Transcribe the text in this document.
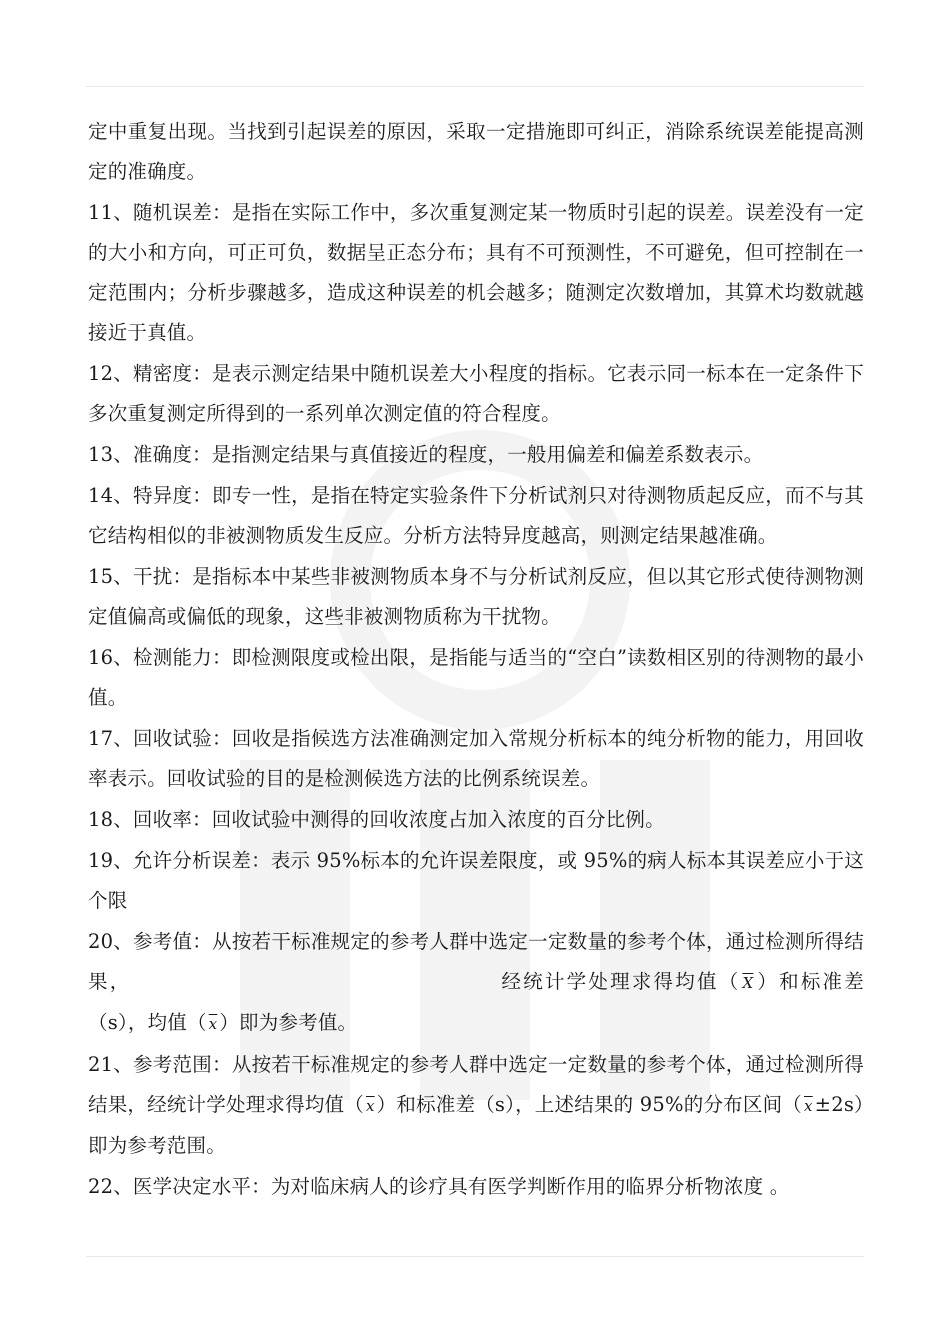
定中重复出现。当找到引起误差的原因，采取一定措施即可纠正，消除系统误差能提高测定的准确度。

11、随机误差：是指在实际工作中，多次重复测定某一物质时引起的误差。误差没有一定的大小和方向，可正可负，数据呈正态分布；具有不可预测性，不可避免，但可控制在一定范围内；分析步骤越多，造成这种误差的机会越多；随测定次数增加，其算术均数就越接近于真值。

12、精密度：是表示测定结果中随机误差大小程度的指标。它表示同一标本在一定条件下多次重复测定所得到的一系列单次测定值的符合程度。

13、准确度：是指测定结果与真值接近的程度，一般用偏差和偏差系数表示。

14、特异度：即专一性，是指在特定实验条件下分析试剂只对待测物质起反应，而不与其它结构相似的非被测物质发生反应。分析方法特异度越高，则测定结果越准确。

15、干扰：是指标本中某些非被测物质本身不与分析试剂反应，但以其它形式使待测物测定值偏高或偏低的现象，这些非被测物质称为干扰物。

16、检测能力：即检测限度或检出限，是指能与适当的“空白”读数相区别的待测物的最小值。

17、回收试验：回收是指候选方法准确测定加入常规分析标本的纯分析物的能力，用回收率表示。回收试验的目的是检测候选方法的比例系统误差。

18、回收率：回收试验中测得的回收浓度占加入浓度的百分比例。

19、允许分析误差：表示 95%标本的允许误差限度，或 95%的病人标本其误差应小于这个限

20、参考值：从按若干标准规定的参考人群中选定一定数量的参考个体，通过检测所得结果，	经统计学处理求得均值（ $\overline{X}$ ）和标准差（s），均值（ $\overline{x}$ ）即为参考值。

21、参考范围：从按若干标准规定的参考人群中选定一定数量的参考个体，通过检测所得结果，经统计学处理求得均值（ $\overline{x}$ ）和标准差（s），上述结果的 95%的分布区间（ $\overline{x} \pm 2s$）即为参考范围。

22、医学决定水平：为对临床病人的诊疗具有医学判断作用的临界分析物浓度 。
